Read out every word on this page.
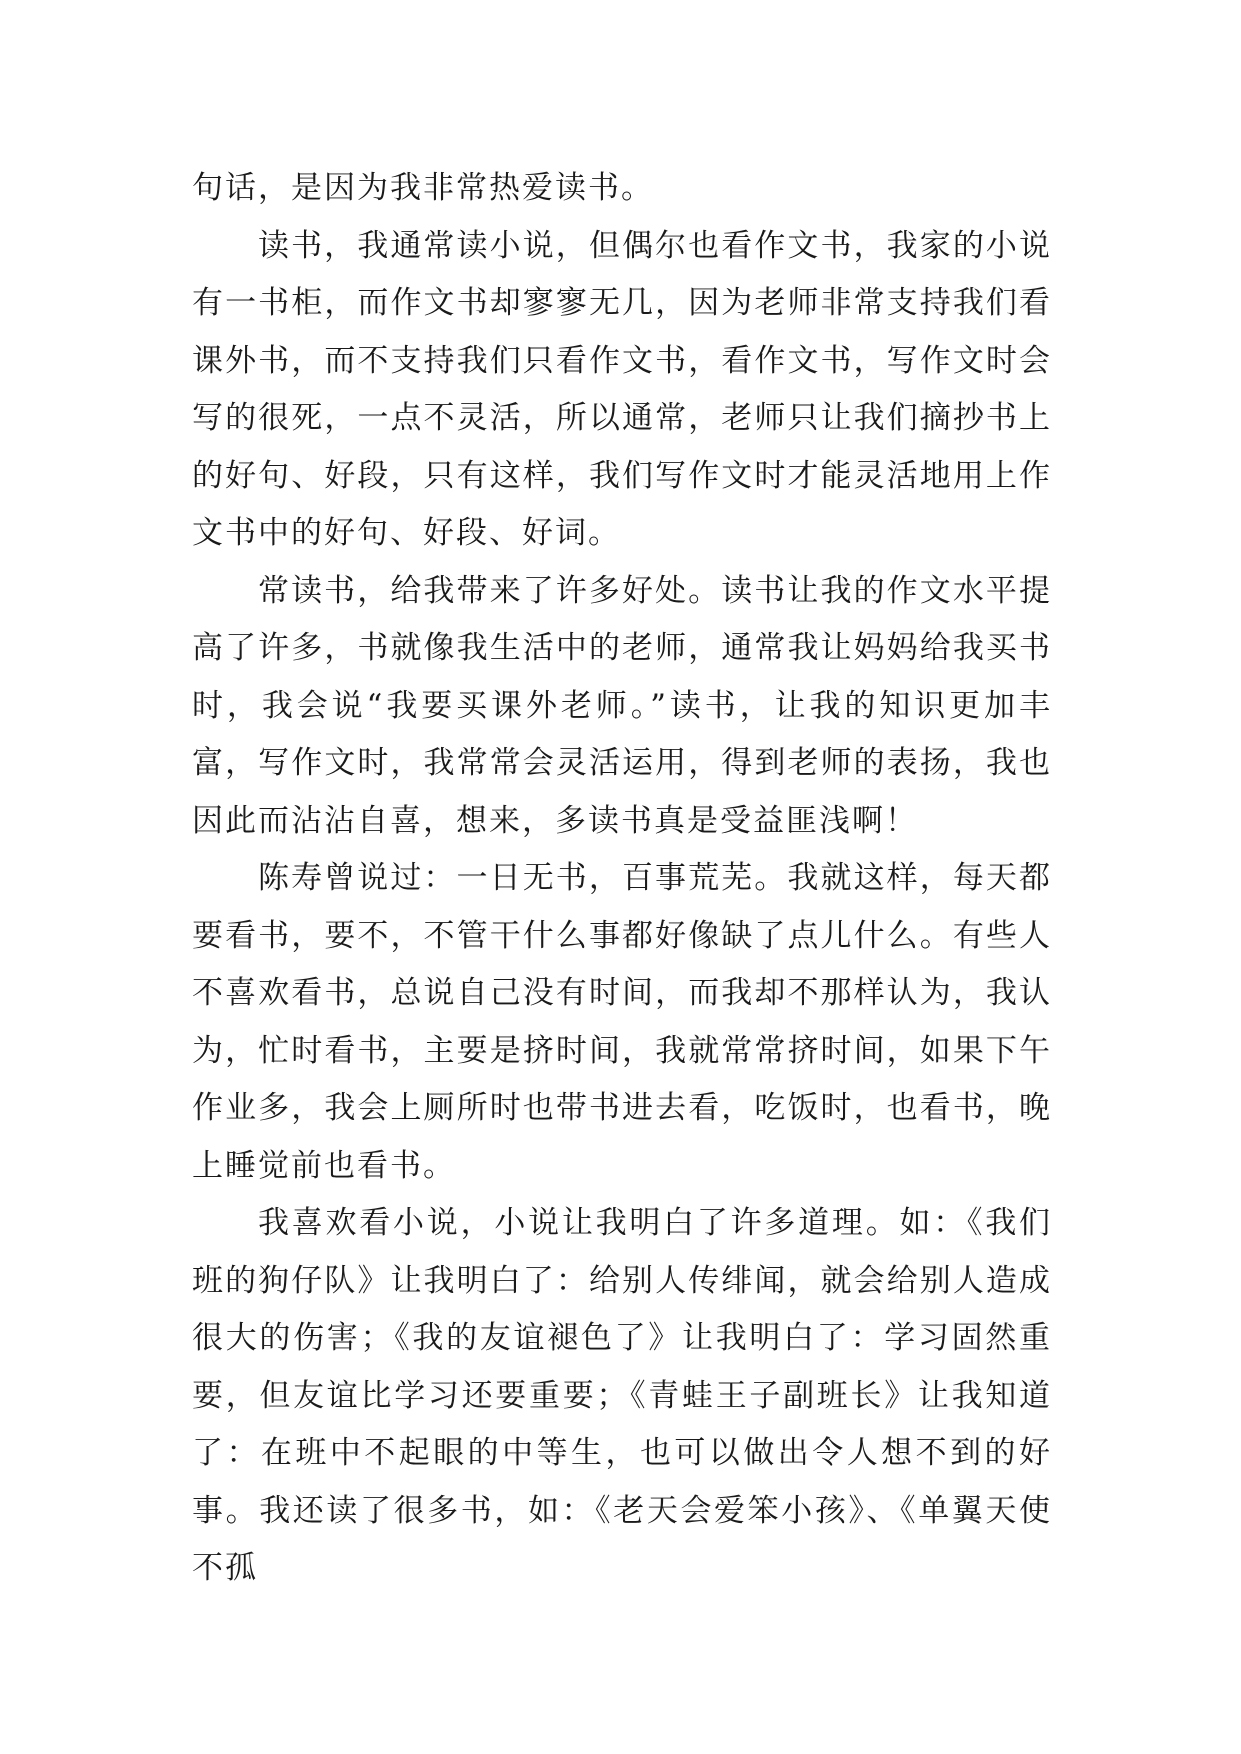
句话，是因为我非常热爱读书。

读书，我通常读小说，但偶尔也看作文书，我家的小说有一书柜，而作文书却寥寥无几，因为老师非常支持我们看课外书，而不支持我们只看作文书，看作文书，写作文时会写的很死，一点不灵活，所以通常，老师只让我们摘抄书上的好句、好段，只有这样，我们写作文时才能灵活地用上作文书中的好句、好段、好词。

常读书，给我带来了许多好处。读书让我的作文水平提高了许多，书就像我生活中的老师，通常我让妈妈给我买书时，我会说“我要买课外老师。”读书，让我的知识更加丰富，写作文时，我常常会灵活运用，得到老师的表扬，我也因此而沾沾自喜，想来，多读书真是受益匪浅啊！

陈寿曾说过：一日无书，百事荒芜。我就这样，每天都要看书，要不，不管干什么事都好像缺了点儿什么。有些人不喜欢看书，总说自己没有时间，而我却不那样认为，我认为，忙时看书，主要是挤时间，我就常常挤时间，如果下午作业多，我会上厕所时也带书进去看，吃饭时，也看书，晚上睡觉前也看书。

我喜欢看小说，小说让我明白了许多道理。如：《我们班的狗仔队》让我明白了：给别人传绯闻，就会给别人造成很大的伤害；《我的友谊褪色了》让我明白了：学习固然重要，但友谊比学习还要重要；《青蛙王子副班长》让我知道了：在班中不起眼的中等生，也可以做出令人想不到的好事。我还读了很多书，如：《老天会爱笨小孩》、《单翼天使不孤
